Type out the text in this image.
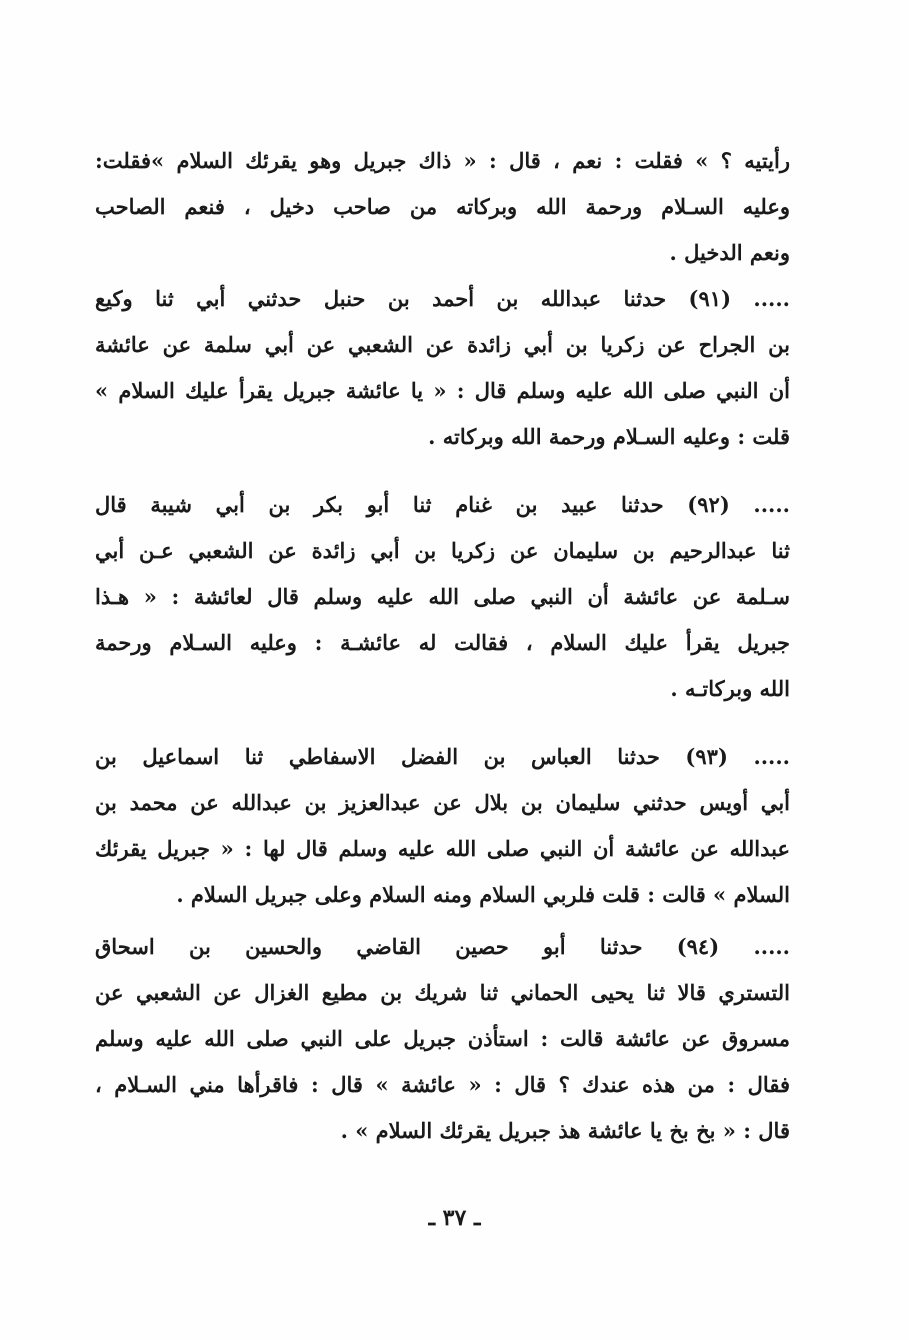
رأيتيه ؟ » فقلت : نعم ، قال : « ذاك جبريل وهو يقرئك السلام »فقلت:
وعليه السـلام ورحمة الله وبركاته من صاحب دخيل ، فنعم الصاحب
ونعم الدخيل .
..... (٩١) حدثنا عبدالله بن أحمد بن حنبل حدثني أبي ثنا وكيع
بن الجراح عن زكريا بن أبي زائدة عن الشعبي عن أبي سلمة عن عائشة
أن النبي صلى الله عليه وسلم قال : « يا عائشة جبريل يقرأ عليك السلام »
قلت : وعليه السـلام ورحمة الله وبركاته .
..... (٩٢) حدثنا عبيد بن غنام ثنا أبو بكر بن أبي شيبة قال
ثنا عبدالرحيم بن سليمان عن زكريا بن أبي زائدة عن الشعبي عـن أبي
سـلمة عن عائشة أن النبي صلى الله عليه وسلم قال لعائشة : « هـذا
جبريل يقرأ عليك السلام ، فقالت له عائشـة : وعليه السـلام ورحمة
الله وبركاتـه .
..... (٩٣) حدثنا العباس بن الفضل الاسفاطي ثنا اسماعيل بن
أبي أويس حدثني سليمان بن بلال عن عبدالعزيز بن عبدالله عن محمد بن
عبدالله عن عائشة أن النبي صلى الله عليه وسلم قال لها : « جبريل يقرئك
السلام » قالت : قلت فلربي السلام ومنه السلام وعلى جبريل السلام .
..... (٩٤) حدثنا أبو حصين القاضي والحسين بن اسحاق
التستري قالا ثنا يحيى الحماني ثنا شريك بن مطيع الغزال عن الشعبي عن
مسروق عن عائشة قالت : استأذن جبريل على النبي صلى الله عليه وسلم
فقال : من هذه عندك ؟ قال : « عائشة » قال : فاقرأها مني السـلام ،
قال : « بخ بخ يا عائشة هذ جبريل يقرئك السلام » .
ـ ٣٧ ـ
